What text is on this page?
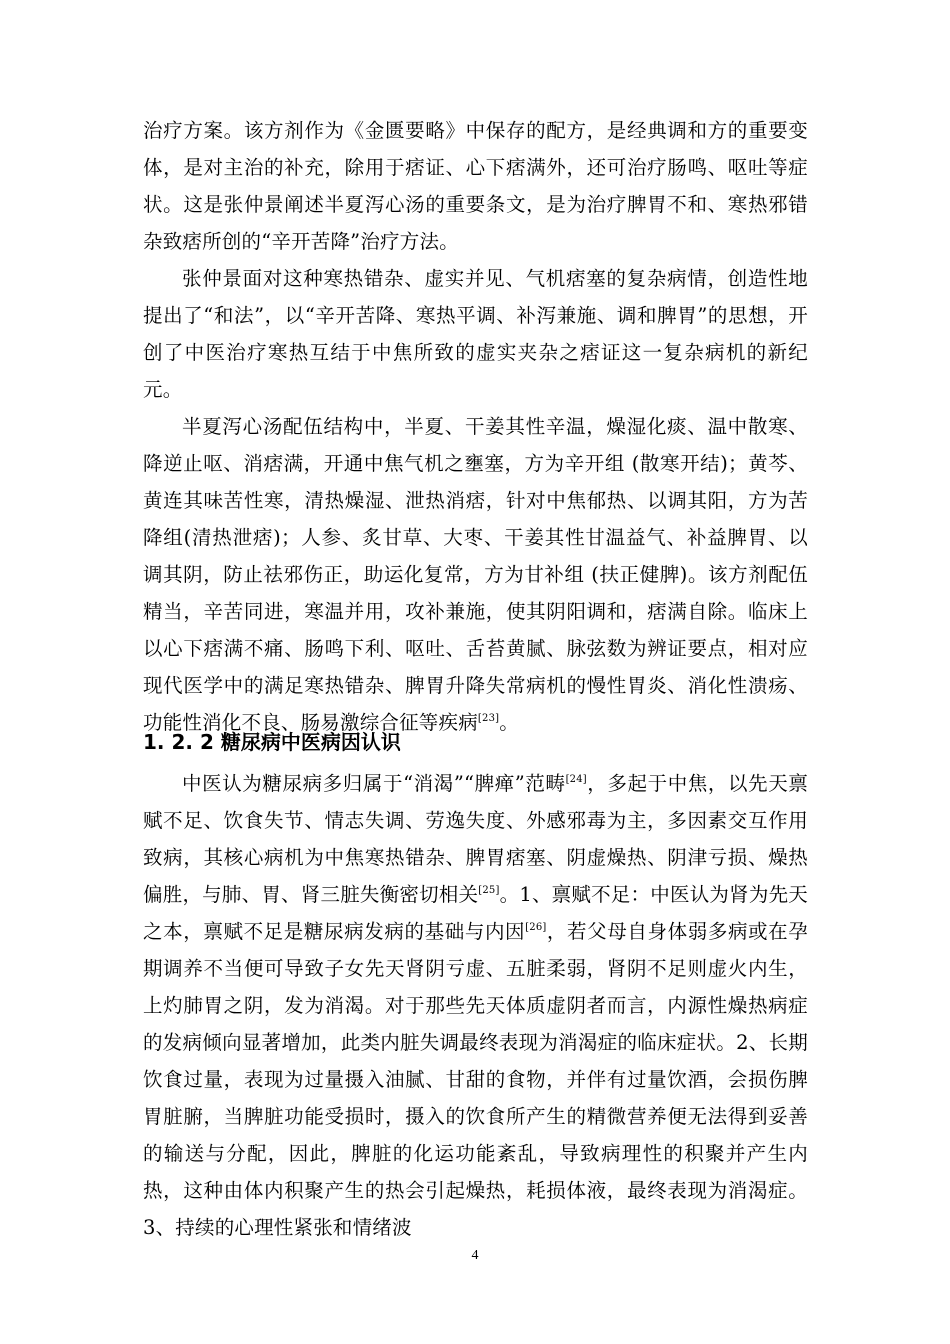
治疗方案。该方剂作为《金匮要略》中保存的配方，是经典调和方的重要变体，是对主治的补充，除用于痞证、心下痞满外，还可治疗肠鸣、呕吐等症状。这是张仲景阐述半夏泻心汤的重要条文，是为治疗脾胃不和、寒热邪错杂致痞所创的“辛开苦降”治疗方法。

张仲景面对这种寒热错杂、虚实并见、气机痞塞的复杂病情，创造性地提出了“和法”，以“辛开苦降、寒热平调、补泻兼施、调和脾胃”的思想，开创了中医治疗寒热互结于中焦所致的虚实夹杂之痞证这一复杂病机的新纪元。

半夏泻心汤配伍结构中，半夏、干姜其性辛温，燥湿化痰、温中散寒、降逆止呕、消痞满，开通中焦气机之壅塞，方为辛开组 (散寒开结)；黄芩、黄连其味苦性寒，清热燥湿、泄热消痞，针对中焦郁热、以调其阳，方为苦降组(清热泄痞)；人参、炙甘草、大枣、干姜其性甘温益气、补益脾胃、以调其阴，防止祛邪伤正，助运化复常，方为甘补组 (扶正健脾)。该方剂配伍精当，辛苦同进，寒温并用，攻补兼施，使其阴阳调和，痞满自除。临床上以心下痞满不痛、肠鸣下利、呕吐、舌苔黄腻、脉弦数为辨证要点，相对应现代医学中的满足寒热错杂、脾胃升降失常病机的慢性胃炎、消化性溃疡、功能性消化不良、肠易激综合征等疾病[23]。

1. 2. 2 糖尿病中医病因认识

中医认为糖尿病多归属于“消渴”“脾瘅”范畴[24]，多起于中焦，以先天禀赋不足、饮食失节、情志失调、劳逸失度、外感邪毒为主，多因素交互作用致病，其核心病机为中焦寒热错杂、脾胃痞塞、阴虚燥热、阴津亏损、燥热偏胜，与肺、胃、肾三脏失衡密切相关[25]。1、禀赋不足：中医认为肾为先天之本，禀赋不足是糖尿病发病的基础与内因[26]，若父母自身体弱多病或在孕期调养不当便可导致子女先天肾阴亏虚、五脏柔弱，肾阴不足则虚火内生，上灼肺胃之阴，发为消渴。对于那些先天体质虚阴者而言，内源性燥热病症的发病倾向显著增加，此类内脏失调最终表现为消渴症的临床症状。2、长期饮食过量，表现为过量摄入油腻、甘甜的食物，并伴有过量饮酒，会损伤脾胃脏腑，当脾脏功能受损时，摄入的饮食所产生的精微营养便无法得到妥善的输送与分配，因此，脾脏的化运功能紊乱，导致病理性的积聚并产生内热，这种由体内积聚产生的热会引起燥热，耗损体液，最终表现为消渴症。3、持续的心理性紧张和情绪波

4
